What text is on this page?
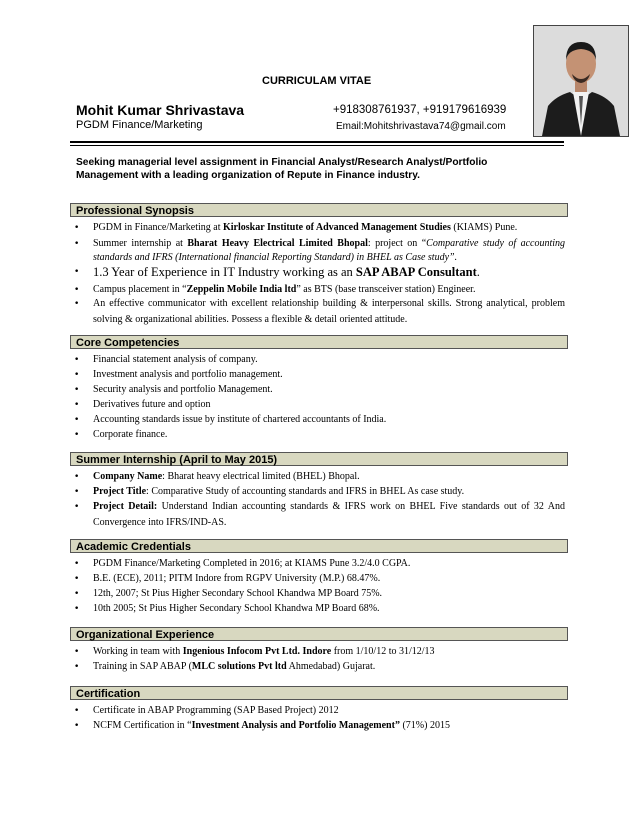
CURRICULAM VITAE
Mohit Kumar Shrivastava
PGDM Finance/Marketing
+918308761937, +919179616939
Email:Mohitshrivastava74@gmail.com
Seeking managerial level assignment in Financial Analyst/Research Analyst/Portfolio
Management with a leading organization of Repute in Finance industry.
Professional Synopsis
• PGDM in Finance/Marketing at Kirloskar Institute of Advanced Management Studies (KIAMS) Pune.
• Summer internship at Bharat Heavy Electrical Limited Bhopal: project on “Comparative study of accounting standards and IFRS (International financial Reporting Standard) in BHEL as Case study”.
• 1.3 Year of Experience in IT Industry working as an SAP ABAP Consultant.
• Campus placement in “Zeppelin Mobile India ltd” as BTS (base transceiver station) Engineer.
• An effective communicator with excellent relationship building & interpersonal skills. Strong analytical, problem solving & organizational abilities. Possess a flexible & detail oriented attitude.
Core Competencies
• Financial statement analysis of company.
• Investment analysis and portfolio management.
• Security analysis and portfolio Management.
• Derivatives future and option
• Accounting standards issue by institute of chartered accountants of India.
• Corporate finance.
Summer Internship (April to May 2015)
• Company Name: Bharat heavy electrical limited (BHEL) Bhopal.
• Project Title: Comparative Study of accounting standards and IFRS in BHEL As case study.
• Project Detail: Understand Indian accounting standards & IFRS work on BHEL Five standards out of 32 And Convergence into IFRS/IND-AS.
Academic Credentials
• PGDM Finance/Marketing Completed in 2016; at KIAMS Pune 3.2/4.0 CGPA.
• B.E. (ECE), 2011; PITM Indore from RGPV University (M.P.) 68.47%.
• 12th, 2007; St Pius Higher Secondary School Khandwa MP Board 75%.
• 10th 2005; St Pius Higher Secondary School Khandwa MP Board 68%.
Organizational Experience
• Working in team with Ingenious Infocom Pvt Ltd. Indore from 1/10/12 to 31/12/13
• Training in SAP ABAP (MLC solutions Pvt ltd Ahmedabad) Gujarat.
Certification
• Certificate in ABAP Programming (SAP Based Project) 2012
• NCFM Certification in “Investment Analysis and Portfolio Management” (71%) 2015
